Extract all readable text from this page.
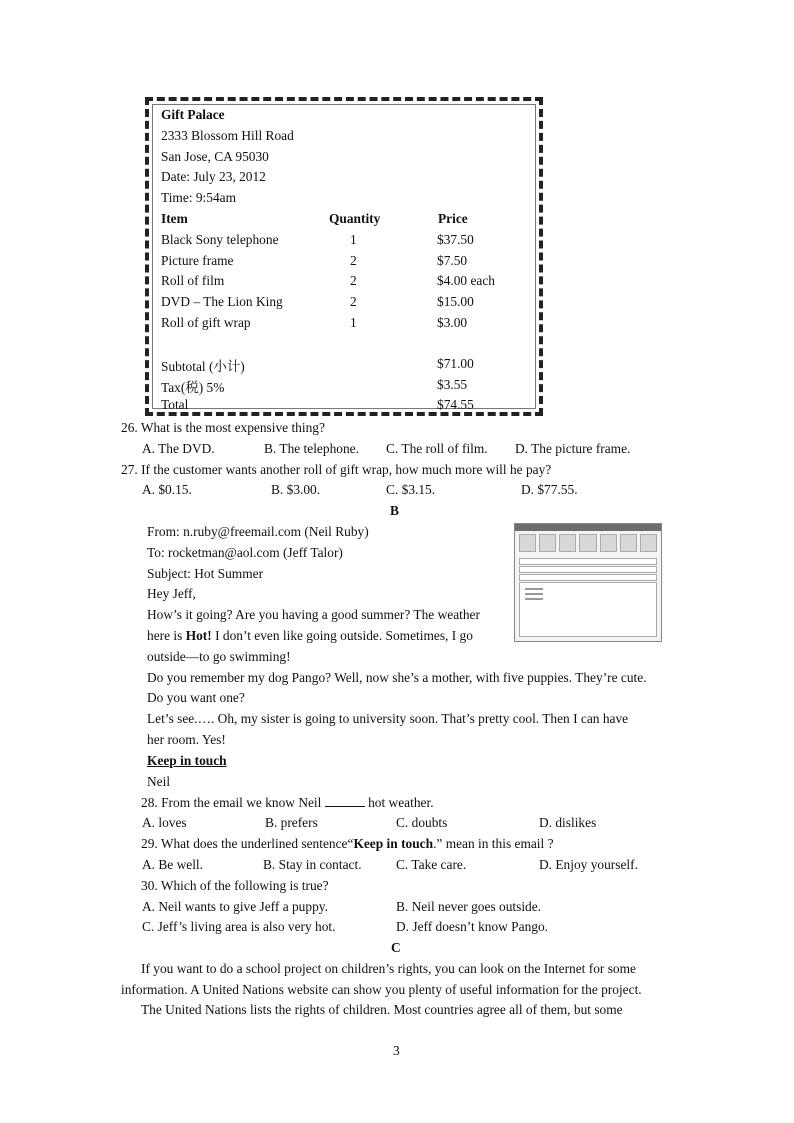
Gift Palace
2333 Blossom Hill Road
San Jose, CA 95030
Date: July 23, 2012
Time: 9:54am
Item	Quantity	Price
Black Sony telephone	1	$37.50
Picture frame	2	$7.50
Roll of film	2	$4.00 each
DVD – The Lion King	2	$15.00
Roll of gift wrap	1	$3.00
Subtotal (小计)	$71.00
Tax(税) 5%	$3.55
Total	$74.55
26. What is the most expensive thing?
A. The DVD.	B. The telephone. C. The roll of film. D. The picture frame.
27. If the customer wants another roll of gift wrap, how much more will he pay?
A. $0.15.	B. $3.00.	C. $3.15.	D. $77.55.
B
From: n.ruby@freemail.com (Neil Ruby)
To: rocketman@aol.com (Jeff Talor)
Subject: Hot Summer
Hey Jeff,
How’s it going? Are you having a good summer? The weather
here is Hot! I don’t even like going outside. Sometimes, I go
outside—to go swimming!
Do you remember my dog Pango? Well, now she’s a mother, with five puppies. They’re cute.
Do you want one?
Let’s see.…. Oh, my sister is going to university soon. That’s pretty cool. Then I can have
her room. Yes!
Keep in touch
Neil
28. From the email we know Neil	hot weather.
A. loves	B. prefers	C. doubts	D. dislikes
29. What does the underlined sentence“Keep in touch.” mean in this email ?
A. Be well.	B. Stay in contact.	C. Take care.	D. Enjoy yourself.
30. Which of the following is true?
A. Neil wants to give Jeff a puppy.	B. Neil never goes outside.
C. Jeff’s living area is also very hot.	D. Jeff doesn’t know Pango.
C
If you want to do a school project on children’s rights, you can look on the Internet for some
information. A United Nations website can show you plenty of useful information for the project.
The United Nations lists the rights of children. Most countries agree all of them, but some
3
